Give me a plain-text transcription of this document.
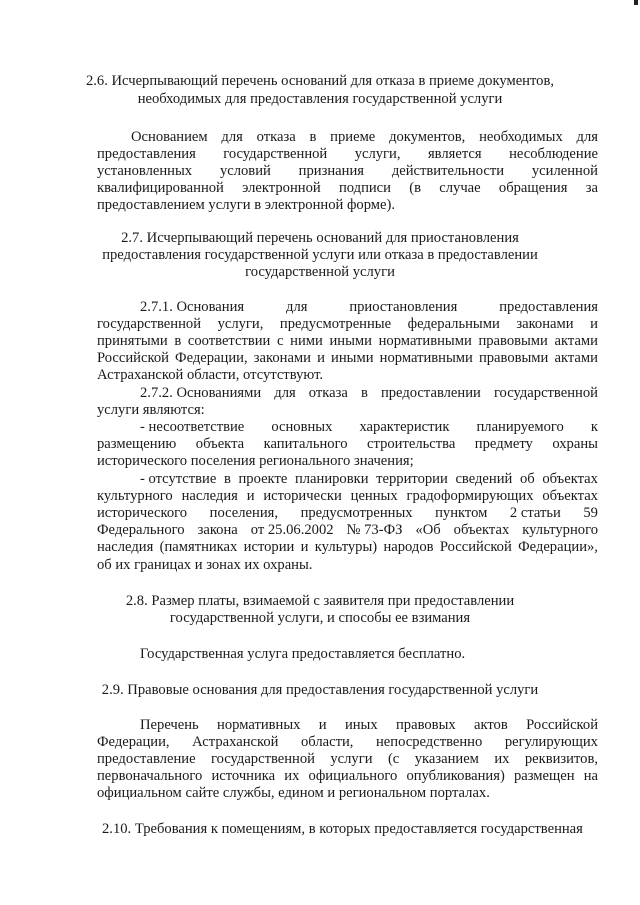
2.6. Исчерпывающий перечень оснований для отказа в приеме документов,
необходимых для предоставления государственной услуги
Основанием для отказа в приеме документов, необходимых для
предоставления государственной услуги, является несоблюдение
установленных условий признания действительности усиленной
квалифицированной электронной подписи (в случае обращения за
предоставлением услуги в электронной форме).
2.7. Исчерпывающий перечень оснований для приостановления
предоставления государственной услуги или отказа в предоставлении
государственной услуги
2.7.1. Основания	для	приостановления	предоставления
государственной услуги, предусмотренные федеральными законами и
принятыми в соответствии с ними иными нормативными правовыми актами
Российской Федерации, законами и иными нормативными правовыми актами
Астраханской области, отсутствуют.
2.7.2. Основаниями для отказа в предоставлении государственной
услуги являются:
- несоответствие основных характеристик планируемого к
размещению объекта капитального строительства предмету охраны
исторического поселения регионального значения;
- отсутствие в проекте планировки территории сведений об объектах
культурного наследия и исторически ценных градоформирующих объектах
исторического поселения, предусмотренных пунктом 2 статьи 59
Федерального закона от 25.06.2002 № 73-ФЗ «Об объектах культурного
наследия (памятниках истории и культуры) народов Российской Федерации»,
об их границах и зонах их охраны.
2.8. Размер платы, взимаемой с заявителя при предоставлении
государственной услуги, и способы ее взимания
Государственная услуга предоставляется бесплатно.
2.9. Правовые основания для предоставления государственной услуги
Перечень нормативных и иных правовых актов Российской
Федерации, Астраханской области, непосредственно регулирующих
предоставление государственной услуги (с указанием их реквизитов,
первоначального источника их официального опубликования) размещен на
официальном сайте службы, едином и региональном порталах.
2.10. Требования к помещениям, в которых предоставляется государственная
